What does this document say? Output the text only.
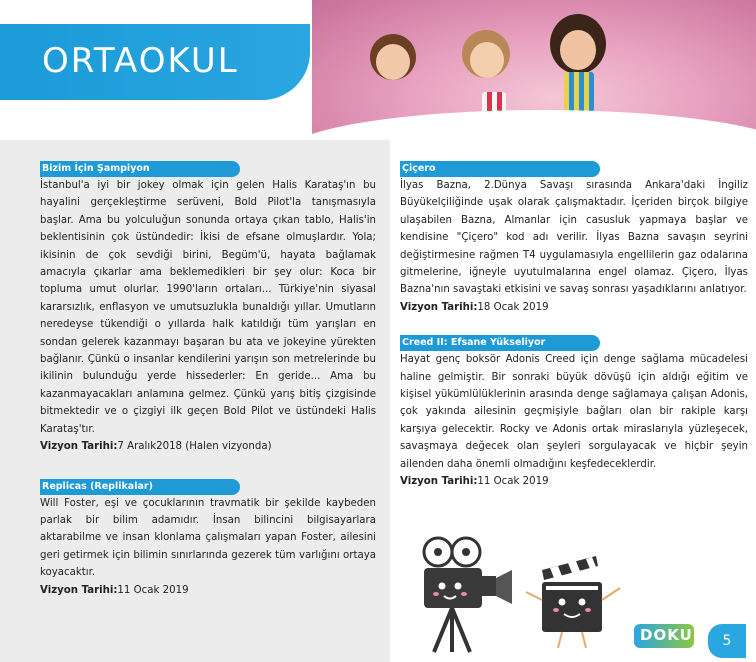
ORTAOKUL
Bizim İçin Şampiyon

İstanbul'a iyi bir jokey olmak için gelen Halis Karataş'ın bu hayalini gerçekleştirme serüveni, Bold Pilot'la tanışmasıyla başlar. Ama bu yolculuğun sonunda ortaya çıkan tablo, Halis'in beklentisinin çok üstündedir: İkisi de efsane olmuşlardır. Yola; ikisinin de çok sevdiği birini, Begüm'ü, hayata bağlamak amacıyla çıkarlar ama beklemedikleri bir şey olur: Koca bir topluma umut olurlar. 1990'ların ortaları... Türkiye'nin siyasal kararsızlık, enflasyon ve umutsuzlukla bunaldığı yıllar. Umutların neredeyse tükendiği o yıllarda halk katıldığı tüm yarışları en sondan gelerek kazanmayı başaran bu ata ve jokeyine yürekten bağlanır. Çünkü o insanlar kendilerini yarışın son metrelerinde bu ikilinin bulunduğu yerde hissederler: En geride... Ama bu kazanmayacakları anlamına gelmez. Çünkü yarış bitiş çizgisinde bitmektedir ve o çizgiyi ilk geçen Bold Pilot ve üstündeki Halis Karataş'tır.

Vizyon Tarihi:7 Aralık2018 (Halen vizyonda)

Replicas (Replikalar)

Will Foster, eşi ve çocuklarının travmatik bir şekilde kaybeden parlak bir bilim adamıdır. İnsan bilincini bilgisayarlara aktarabilme ve insan klonlama çalışmaları yapan Foster, ailesini geri getirmek için bilimin sınırlarında gezerek tüm varlığını ortaya koyacaktır.

Vizyon Tarihi:11 Ocak 2019

Çiçero

İlyas Bazna, 2.Dünya Savaşı sırasında Ankara'daki İngiliz Büyükelçiliğinde uşak olarak çalışmaktadır. İçeriden birçok bilgiye ulaşabilen Bazna, Almanlar için casusluk yapmaya başlar ve kendisine "Çiçero" kod adı verilir. İlyas Bazna savaşın seyrini değiştirmesine rağmen T4 uygulamasıyla engellilerin gaz odalarına gitmelerine, iğneyle uyutulmalarına engel olamaz. Çiçero, İlyas Bazna'nın savaştaki etkisini ve savaş sonrası yaşadıklarını anlatıyor.

Vizyon Tarihi:18 Ocak 2019

Creed II: Efsane Yükseliyor

Hayat genç boksör Adonis Creed için denge sağlama mücadelesi haline gelmiştir. Bir sonraki büyük dövüşü için aldığı eğitim ve kişisel yükümlülüklerinin arasında denge sağlamaya çalışan Adonis, çok yakında ailesinin geçmişiyle bağları olan bir rakiple karşı karşıya gelecektir. Rocky ve Adonis ortak miraslarıyla yüzleşecek, savaşmaya değecek olan şeyleri sorgulayacak ve hiçbir şeyin ailenden daha önemli olmadığını keşfedeceklerdir.

Vizyon Tarihi:11 Ocak 2019

DOKU	5
